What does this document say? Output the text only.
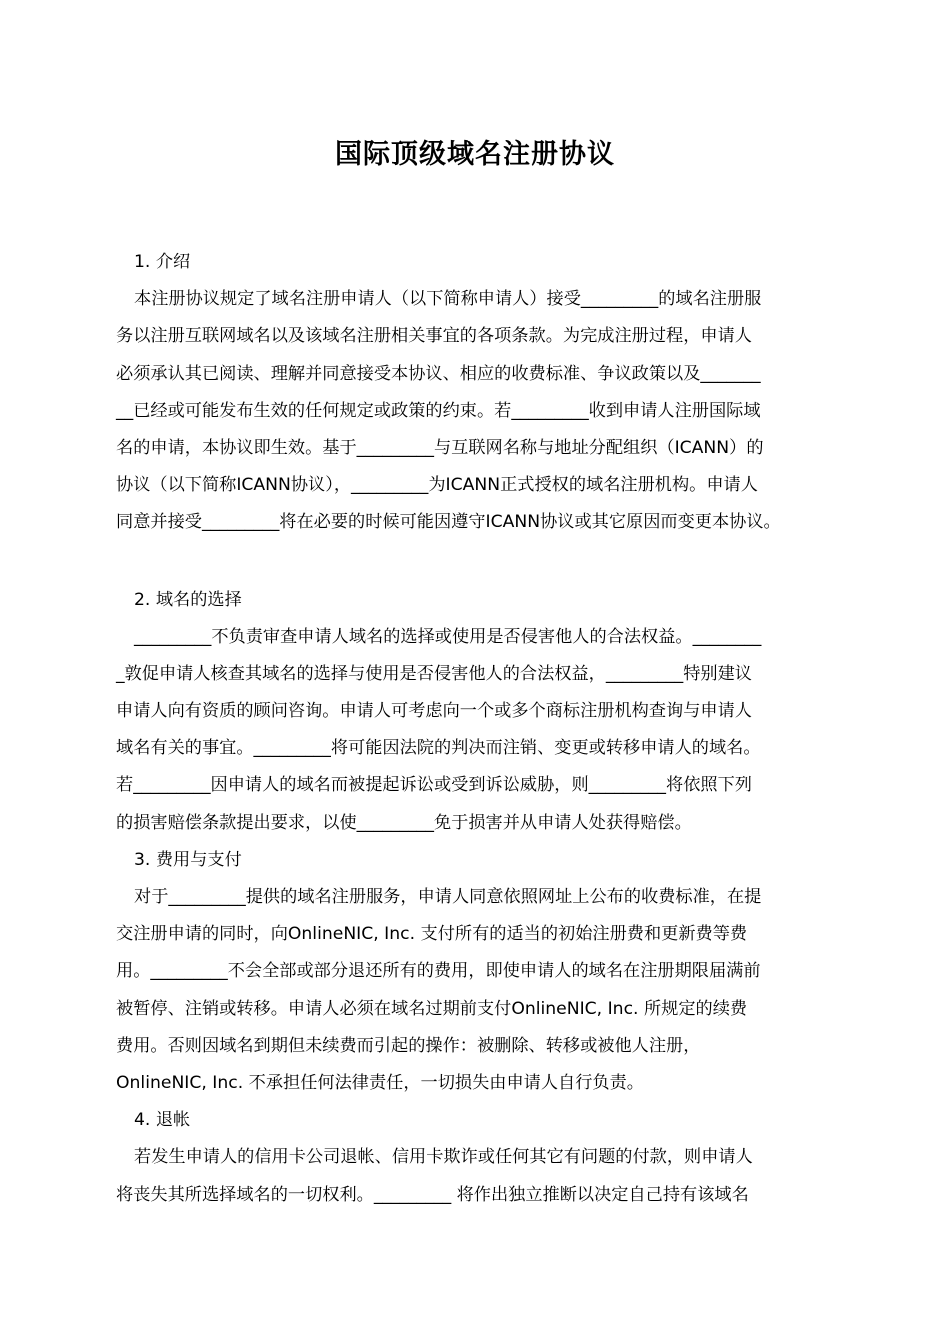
国际顶级域名注册协议
1. 介绍
本注册协议规定了域名注册申请人（以下简称申请人）接受_________的域名注册服
务以注册互联网域名以及该域名注册相关事宜的各项条款。为完成注册过程，申请人
必须承认其已阅读、理解并同意接受本协议、相应的收费标准、争议政策以及_______
__已经或可能发布生效的任何规定或政策的约束。若_________收到申请人注册国际域
名的申请，本协议即生效。基于_________与互联网名称与地址分配组织（ICANN）的
协议（以下简称ICANN协议），_________为ICANN正式授权的域名注册机构。申请人
同意并接受_________将在必要的时候可能因遵守ICANN协议或其它原因而变更本协议。
2. 域名的选择
_________不负责审查申请人域名的选择或使用是否侵害他人的合法权益。________
_敦促申请人核查其域名的选择与使用是否侵害他人的合法权益，_________特别建议
申请人向有资质的顾问咨询。申请人可考虑向一个或多个商标注册机构查询与申请人
域名有关的事宜。_________将可能因法院的判决而注销、变更或转移申请人的域名。
若_________因申请人的域名而被提起诉讼或受到诉讼威胁，则_________将依照下列
的损害赔偿条款提出要求，以使_________免于损害并从申请人处获得赔偿。
3. 费用与支付
对于_________提供的域名注册服务，申请人同意依照网址上公布的收费标准，在提
交注册申请的同时，向OnlineNIC, Inc. 支付所有的适当的初始注册费和更新费等费
用。_________不会全部或部分退还所有的费用，即使申请人的域名在注册期限届满前
被暂停、注销或转移。申请人必须在域名过期前支付OnlineNIC, Inc. 所规定的续费
费用。否则因域名到期但未续费而引起的操作：被删除、转移或被他人注册，
OnlineNIC, Inc. 不承担任何法律责任，一切损失由申请人自行负责。
4. 退帐
若发生申请人的信用卡公司退帐、信用卡欺诈或任何其它有问题的付款，则申请人
将丧失其所选择域名的一切权利。_________ 将作出独立推断以决定自己持有该域名
